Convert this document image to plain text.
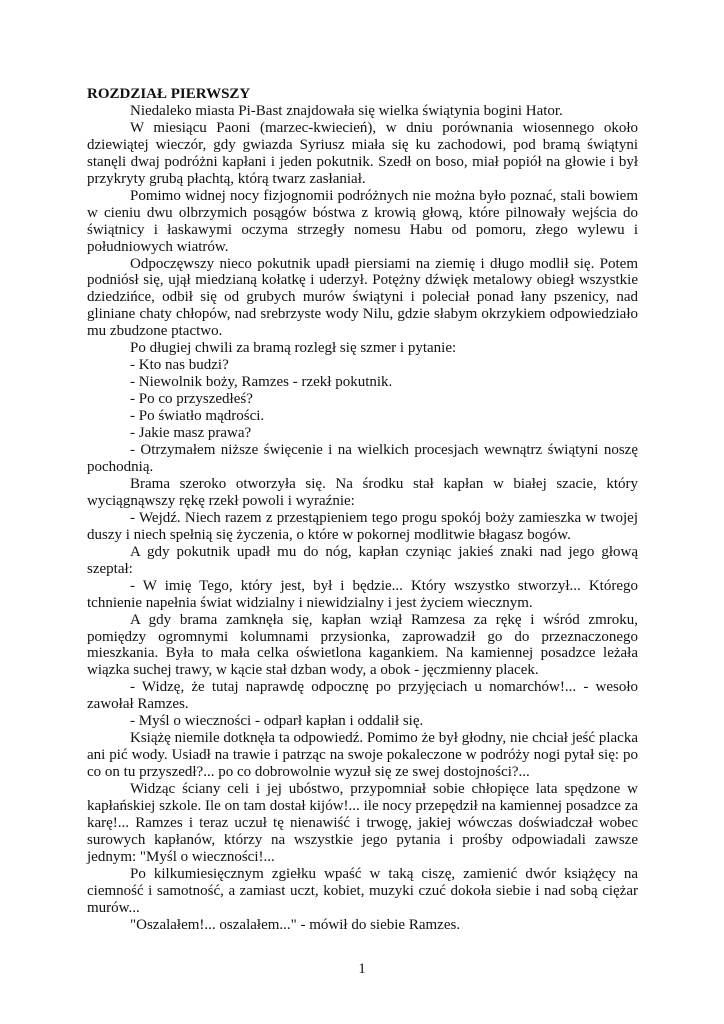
ROZDZIAŁ PIERWSZY

Niedaleko miasta Pi-Bast znajdowała się wielka świątynia bogini Hator.

W miesiącu Paoni (marzec-kwiecień), w dniu porównania wiosennego około dziewiątej wieczór, gdy gwiazda Syriusz miała się ku zachodowi, pod bramą świątyni stanęli dwaj podróżni kapłani i jeden pokutnik. Szedł on boso, miał popiół na głowie i był przykryty grubą płachtą, którą twarz zasłaniał.

Pomimo widnej nocy fizjognomii podróżnych nie można było poznać, stali bowiem w cieniu dwu olbrzymich posągów bóstwa z krowią głową, które pilnowały wejścia do świątnicy i łaskawymi oczyma strzegły nomesu Habu od pomoru, złego wylewu i południowych wiatrów.

Odpoczęwszy nieco pokutnik upadł piersiami na ziemię i długo modlił się. Potem podniósł się, ujął miedzianą kołatkę i uderzył. Potężny dźwięk metalowy obiegł wszystkie dziedzińce, odbił się od grubych murów świątyni i poleciał ponad łany pszenicy, nad gliniane chaty chłopów, nad srebrzyste wody Nilu, gdzie słabym okrzykiem odpowiedziało mu zbudzone ptactwo.

Po długiej chwili za bramą rozległ się szmer i pytanie:

- Kto nas budzi?

- Niewolnik boży, Ramzes - rzekł pokutnik.

- Po co przyszedłeś?

- Po światło mądrości.

- Jakie masz prawa?

- Otrzymałem niższe święcenie i na wielkich procesjach wewnątrz świątyni noszę pochodnią.

Brama szeroko otworzyła się. Na środku stał kapłan w białej szacie, który wyciągnąwszy rękę rzekł powoli i wyraźnie:

- Wejdź. Niech razem z przestąpieniem tego progu spokój boży zamieszka w twojej duszy i niech spełnią się życzenia, o które w pokornej modlitwie błagasz bogów.

A gdy pokutnik upadł mu do nóg, kapłan czyniąc jakieś znaki nad jego głową szeptał:

- W imię Tego, który jest, był i będzie... Który wszystko stworzył... Którego tchnienie napełnia świat widzialny i niewidzialny i jest życiem wiecznym.

A gdy brama zamknęła się, kapłan wziął Ramzesa za rękę i wśród zmroku, pomiędzy ogromnymi kolumnami przysionka, zaprowadził go do przeznaczonego mieszkania. Była to mała celka oświetlona kagankiem. Na kamiennej posadzce leżała wiązka suchej trawy, w kącie stał dzban wody, a obok - jęczmienny placek.

- Widzę, że tutaj naprawdę odpocznę po przyjęciach u nomarchów!... - wesoło zawołał Ramzes.

- Myśl o wieczności - odparł kapłan i oddalił się.

Książę niemile dotknęła ta odpowiedź. Pomimo że był głodny, nie chciał jeść placka ani pić wody. Usiadł na trawie i patrząc na swoje pokaleczone w podróży nogi pytał się: po co on tu przyszedł?... po co dobrowolnie wyzuł się ze swej dostojności?...

Widząc ściany celi i jej ubóstwo, przypomniał sobie chłopięce lata spędzone w kapłańskiej szkole. Ile on tam dostał kijów!... ile nocy przepędził na kamiennej posadzce za karę!... Ramzes i teraz uczuł tę nienawiść i trwogę, jakiej wówczas doświadczał wobec surowych kapłanów, którzy na wszystkie jego pytania i prośby odpowiadali zawsze jednym: "Myśl o wieczności!...

Po kilkumiesięcznym zgiełku wpaść w taką ciszę, zamienić dwór książęcy na ciemność i samotność, a zamiast uczt, kobiet, muzyki czuć dokoła siebie i nad sobą ciężar murów...

"Oszalałem!... oszalałem..." - mówił do siebie Ramzes.

1
